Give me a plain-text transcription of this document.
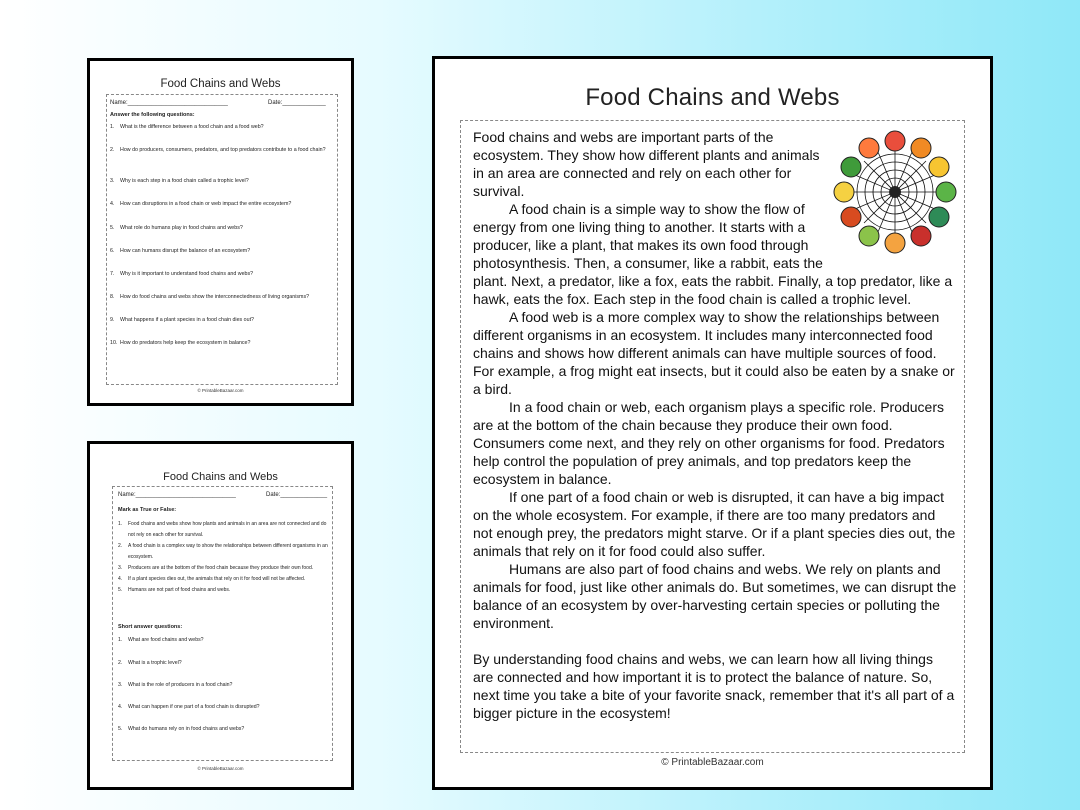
Food Chains and Webs
Name:______________________________	Date:_____________
Answer the following questions:
1.	What is the difference between a food chain and a food web?
2.	How do producers, consumers, predators, and top predators contribute to a food chain?
3.	Why is each step in a food chain called a trophic level?
4.	How can disruptions in a food chain or web impact the entire ecosystem?
5.	What role do humans play in food chains and webs?
6.	How can humans disrupt the balance of an ecosystem?
7.	Why is it important to understand food chains and webs?
8.	How do food chains and webs show the interconnectedness of living organisms?
9.	What happens if a plant species in a food chain dies out?
10. How do predators help keep the ecosystem in balance?
© PrintableBazaar.com
Food Chains and Webs
Name:______________________________	Date:______________
Mark as True or False:
1.	Food chains and webs show how plants and animals in an area are not connected and do not rely on each other for survival.
2.	A food chain is a complex way to show the relationships between different organisms in an ecosystem.
3.	Producers are at the bottom of the food chain because they produce their own food.
4.	If a plant species dies out, the animals that rely on it for food will not be affected.
5.	Humans are not part of food chains and webs.
Short answer questions:
1.	What are food chains and webs?
2.	What is a trophic level?
3.	What is the role of producers in a food chain?
4.	What can happen if one part of a food chain is disrupted?
5.	What do humans rely on in food chains and webs?
© PrintableBazaar.com
Food Chains and Webs

Food chains and webs are important parts of the ecosystem. They show how different plants and animals in an area are connected and rely on each other for survival.

A food chain is a simple way to show the flow of energy from one living thing to another. It starts with a producer, like a plant, that makes its own food through photosynthesis. Then, a consumer, like a rabbit, eats the plant. Next, a predator, like a fox, eats the rabbit. Finally, a top predator, like a hawk, eats the fox. Each step in the food chain is called a trophic level.

A food web is a more complex way to show the relationships between different organisms in an ecosystem. It includes many interconnected food chains and shows how different animals can have multiple sources of food. For example, a frog might eat insects, but it could also be eaten by a snake or a bird.

In a food chain or web, each organism plays a specific role. Producers are at the bottom of the chain because they produce their own food. Consumers come next, and they rely on other organisms for food. Predators help control the population of prey animals, and top predators keep the ecosystem in balance.

If one part of a food chain or web is disrupted, it can have a big impact on the whole ecosystem. For example, if there are too many predators and not enough prey, the predators might starve. Or if a plant species dies out, the animals that rely on it for food could also suffer.

Humans are also part of food chains and webs. We rely on plants and animals for food, just like other animals do. But sometimes, we can disrupt the balance of an ecosystem by over-harvesting certain species or polluting the environment.

By understanding food chains and webs, we can learn how all living things are connected and how important it is to protect the balance of nature. So, next time you take a bite of your favorite snack, remember that it's all part of a bigger picture in the ecosystem!

© PrintableBazaar.com
